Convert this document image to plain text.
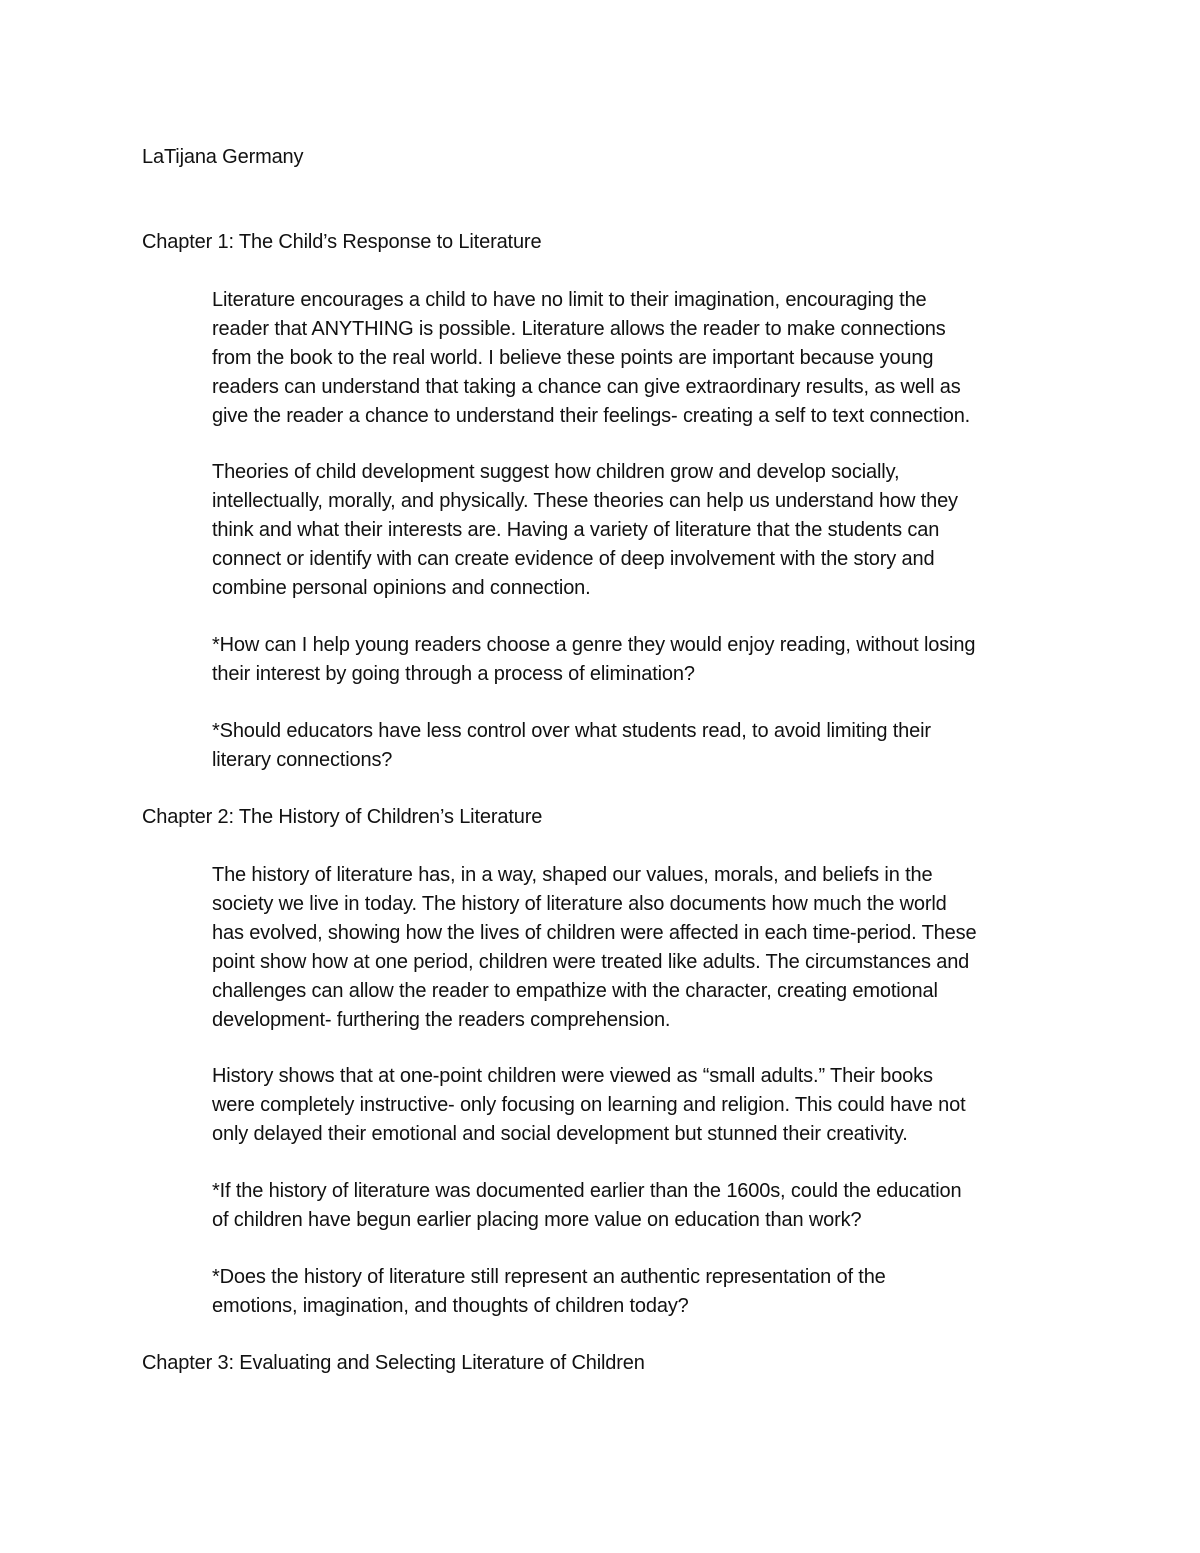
LaTijana Germany
Chapter 1: The Child’s Response to Literature
Literature encourages a child to have no limit to their imagination, encouraging the
reader that ANYTHING is possible. Literature allows the reader to make connections
from the book to the real world. I believe these points are important because young
readers can understand that taking a chance can give extraordinary results, as well as
give the reader a chance to understand their feelings- creating a self to text connection.
Theories of child development suggest how children grow and develop socially,
intellectually, morally, and physically. These theories can help us understand how they
think and what their interests are. Having a variety of literature that the students can
connect or identify with can create evidence of deep involvement with the story and
combine personal opinions and connection.
*How can I help young readers choose a genre they would enjoy reading, without losing
their interest by going through a process of elimination?
*Should educators have less control over what students read, to avoid limiting their
literary connections?
Chapter 2: The History of Children’s Literature
The history of literature has, in a way, shaped our values, morals, and beliefs in the
society we live in today. The history of literature also documents how much the world
has evolved, showing how the lives of children were affected in each time-period. These
point show how at one period, children were treated like adults. The circumstances and
challenges can allow the reader to empathize with the character, creating emotional
development- furthering the readers comprehension.
History shows that at one-point children were viewed as “small adults.” Their books
were completely instructive- only focusing on learning and religion. This could have not
only delayed their emotional and social development but stunned their creativity.
*If the history of literature was documented earlier than the 1600s, could the education
of children have begun earlier placing more value on education than work?
*Does the history of literature still represent an authentic representation of the
emotions, imagination, and thoughts of children today?
Chapter 3: Evaluating and Selecting Literature of Children
